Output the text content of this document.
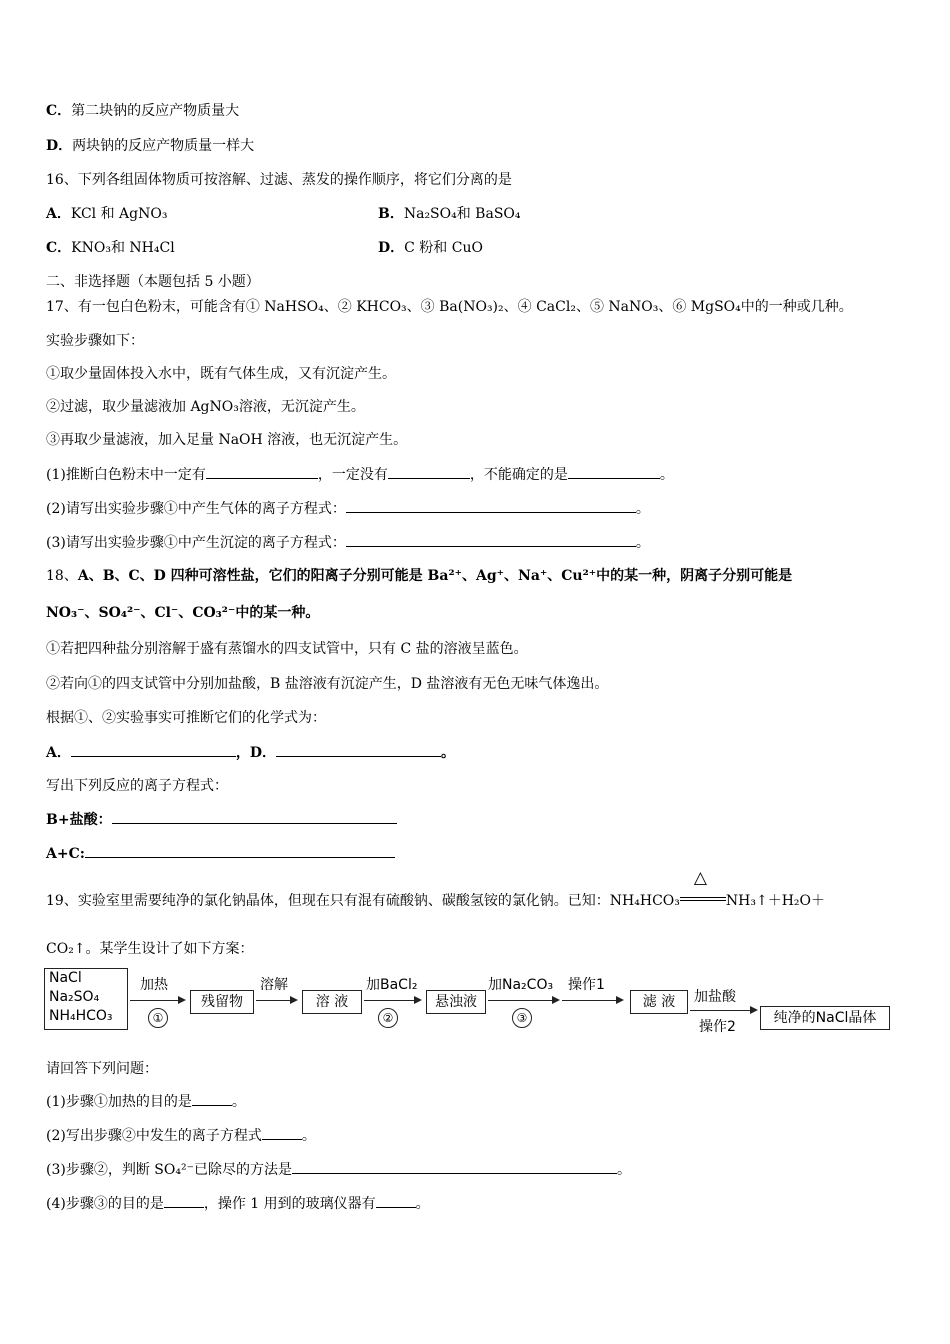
C．第二块钠的反应产物质量大
D．两块钠的反应产物质量一样大
16、下列各组固体物质可按溶解、过滤、蒸发的操作顺序，将它们分离的是
A．KCl 和 AgNO₃	B．Na₂SO₄和 BaSO₄
C．KNO₃和 NH₄Cl	D．C 粉和 CuO
二、非选择题（本题包括 5 小题）
17、有一包白色粉末，可能含有① NaHSO₄、② KHCO₃、③ Ba(NO₃)₂、④ CaCl₂、⑤ NaNO₃、⑥ MgSO₄中的一种或几种。
实验步骤如下：
①取少量固体投入水中，既有气体生成，又有沉淀产生。
②过滤，取少量滤液加 AgNO₃溶液，无沉淀产生。
③再取少量滤液，加入足量 NaOH 溶液，也无沉淀产生。
(1)推断白色粉末中一定有	，一定没有	，不能确定的是	。
(2)请写出实验步骤①中产生气体的离子方程式：	。
(3)请写出实验步骤①中产生沉淀的离子方程式：	。
18、A、B、C、D 四种可溶性盐，它们的阳离子分别可能是 Ba²⁺、Ag⁺、Na⁺、Cu²⁺中的某一种，阴离子分别可能是
NO₃⁻、SO₄²⁻、Cl⁻、CO₃²⁻中的某一种。
①若把四种盐分别溶解于盛有蒸馏水的四支试管中，只有 C 盐的溶液呈蓝色。
②若向①的四支试管中分别加盐酸，B 盐溶液有沉淀产生，D 盐溶液有无色无味气体逸出。
根据①、②实验事实可推断它们的化学式为：
A．	，D．	。
写出下列反应的离子方程式：
B+盐酸：
A+C:
19、实验室里需要纯净的氯化钠晶体，但现在只有混有硫酸钠、碳酸氢铵的氯化钠。已知：NH₄HCO₃
△
NH₃↑＋H₂O＋
CO₂↑。某学生设计了如下方案：
NaCl
Na₂SO₄
NH₄HCO₃
加热
①
残留物
溶解
溶 液
加BaCl₂
②
悬浊液
加Na₂CO₃
③
操作1
滤 液	加盐酸
操作2
纯净的NaCl晶体
请回答下列问题：
(1)步骤①加热的目的是	。
(2)写出步骤②中发生的离子方程式	。
(3)步骤②，判断 SO₄²⁻已除尽的方法是	。
(4)步骤③的目的是	，操作 1 用到的玻璃仪器有	。
